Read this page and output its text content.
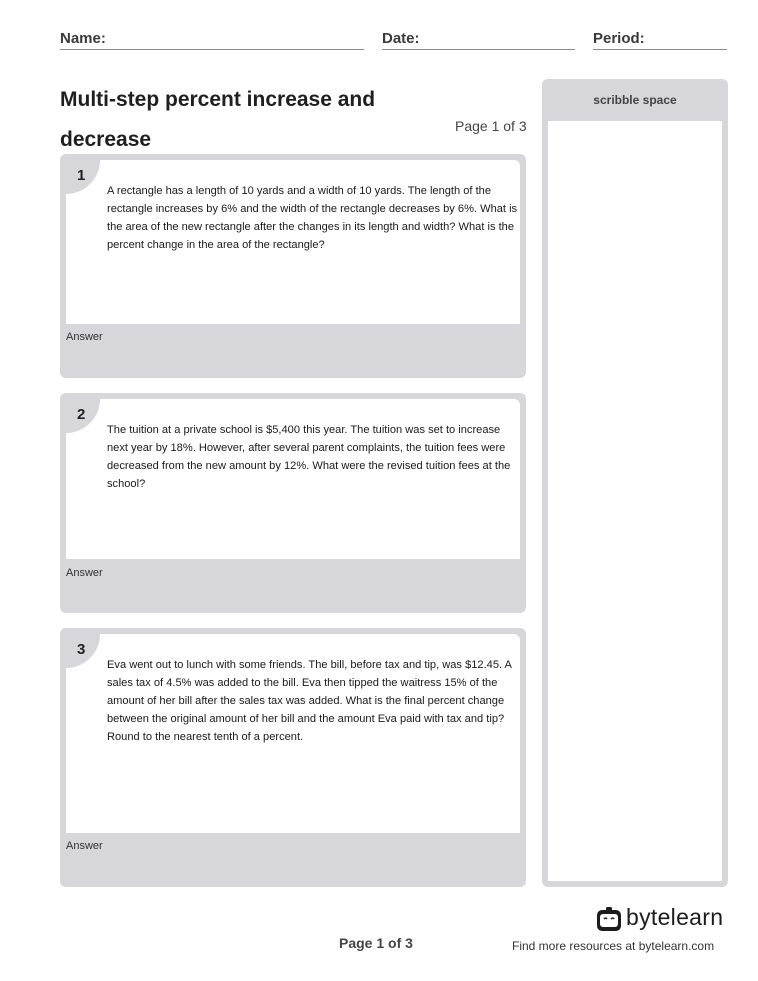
Name:	Date:	Period:
Multi-step percent increase and decrease
Page 1 of 3
1
A rectangle has a length of 10 yards and a width of 10 yards. The length of the rectangle increases by 6% and the width of the rectangle decreases by 6%. What is the area of the new rectangle after the changes in its length and width? What is the percent change in the area of the rectangle?
Answer
2
The tuition at a private school is $5,400 this year. The tuition was set to increase next year by 18%. However, after several parent complaints, the tuition fees were decreased from the new amount by 12%. What were the revised tuition fees at the school?
Answer
3
Eva went out to lunch with some friends. The bill, before tax and tip, was $12.45. A sales tax of 4.5% was added to the bill. Eva then tipped the waitress 15% of the amount of her bill after the sales tax was added. What is the final percent change between the original amount of her bill and the amount Eva paid with tax and tip? Round to the nearest tenth of a percent.
Answer
scribble space
bytelearn
Page 1 of 3	Find more resources at bytelearn.com
